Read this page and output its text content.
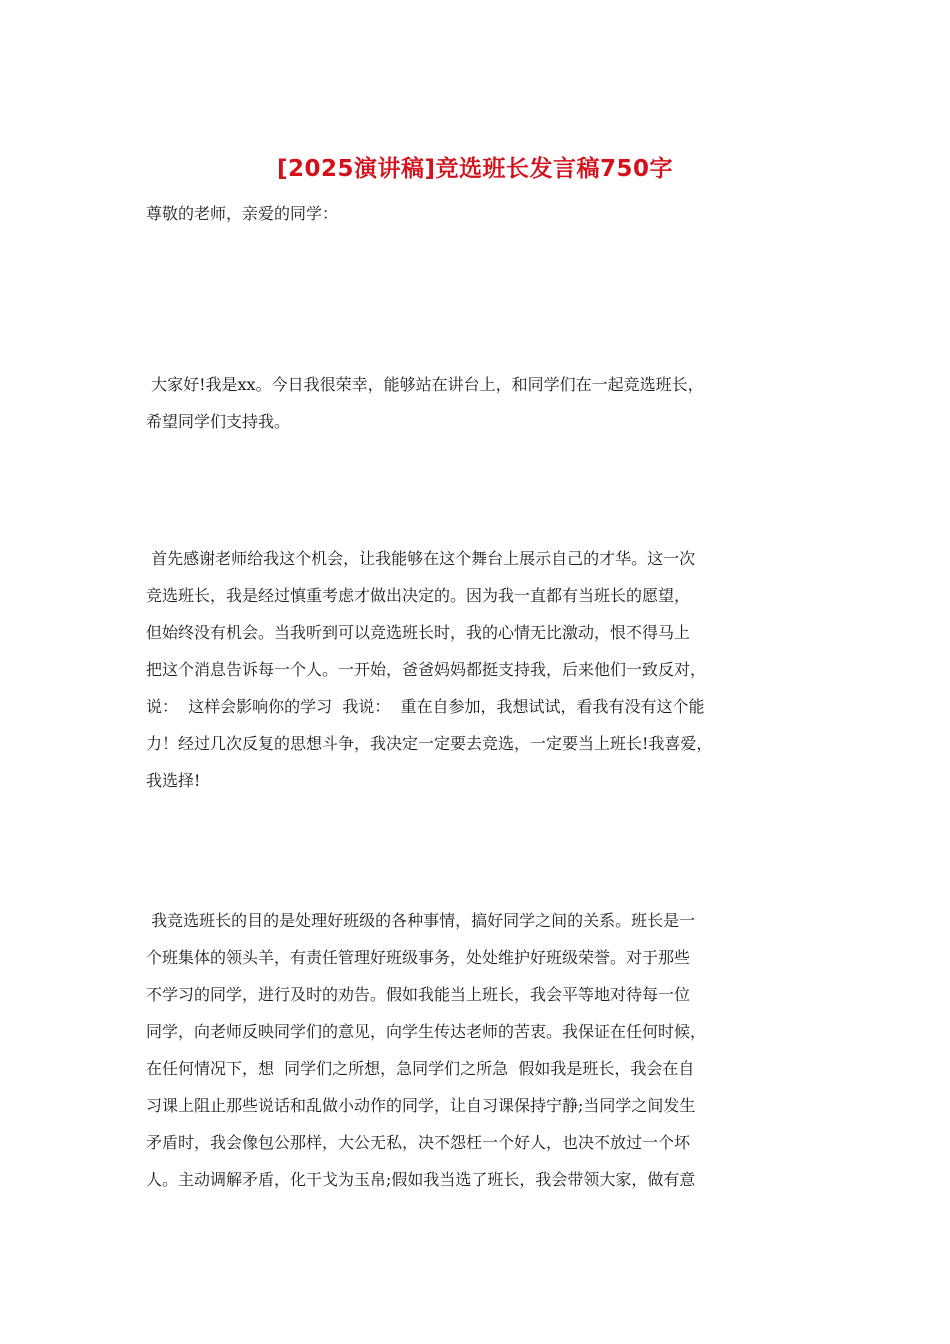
[2025演讲稿]竞选班长发言稿750字
尊敬的老师，亲爱的同学：
大家好!我是xx。今日我很荣幸，能够站在讲台上，和同学们在一起竞选班长，
希望同学们支持我。
首先感谢老师给我这个机会，让我能够在这个舞台上展示自己的才华。这一次
竞选班长，我是经过慎重考虑才做出决定的。因为我一直都有当班长的愿望，
但始终没有机会。当我听到可以竞选班长时，我的心情无比激动，恨不得马上
把这个消息告诉每一个人。一开始，爸爸妈妈都挺支持我，后来他们一致反对，
说：  这样会影响你的学习  我说：  重在自参加，我想试试，看我有没有这个能
力！经过几次反复的思想斗争，我决定一定要去竞选，一定要当上班长!我喜爱，
我选择!
我竞选班长的目的是处理好班级的各种事情，搞好同学之间的关系。班长是一
个班集体的领头羊，有责任管理好班级事务，处处维护好班级荣誉。对于那些
不学习的同学，进行及时的劝告。假如我能当上班长，我会平等地对待每一位
同学，向老师反映同学们的意见，向学生传达老师的苦衷。我保证在任何时候，
在任何情况下，想  同学们之所想，急同学们之所急  假如我是班长，我会在自
习课上阻止那些说话和乱做小动作的同学，让自习课保持宁静;当同学之间发生
矛盾时，我会像包公那样，大公无私，决不怨枉一个好人，也决不放过一个坏
人。主动调解矛盾，化干戈为玉帛;假如我当选了班长，我会带领大家，做有意
